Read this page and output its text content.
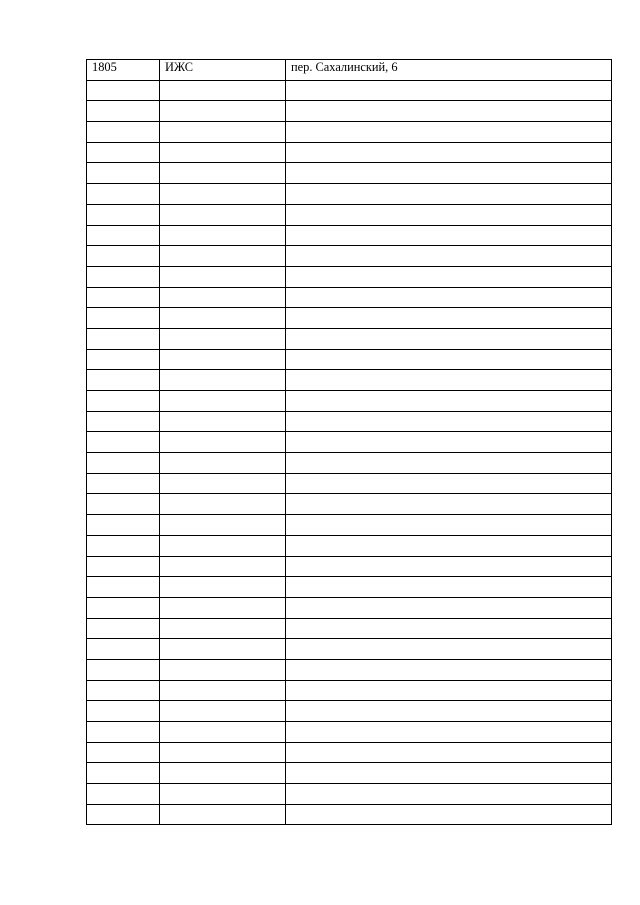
1805	ИЖС	пер. Сахалинский, 6
